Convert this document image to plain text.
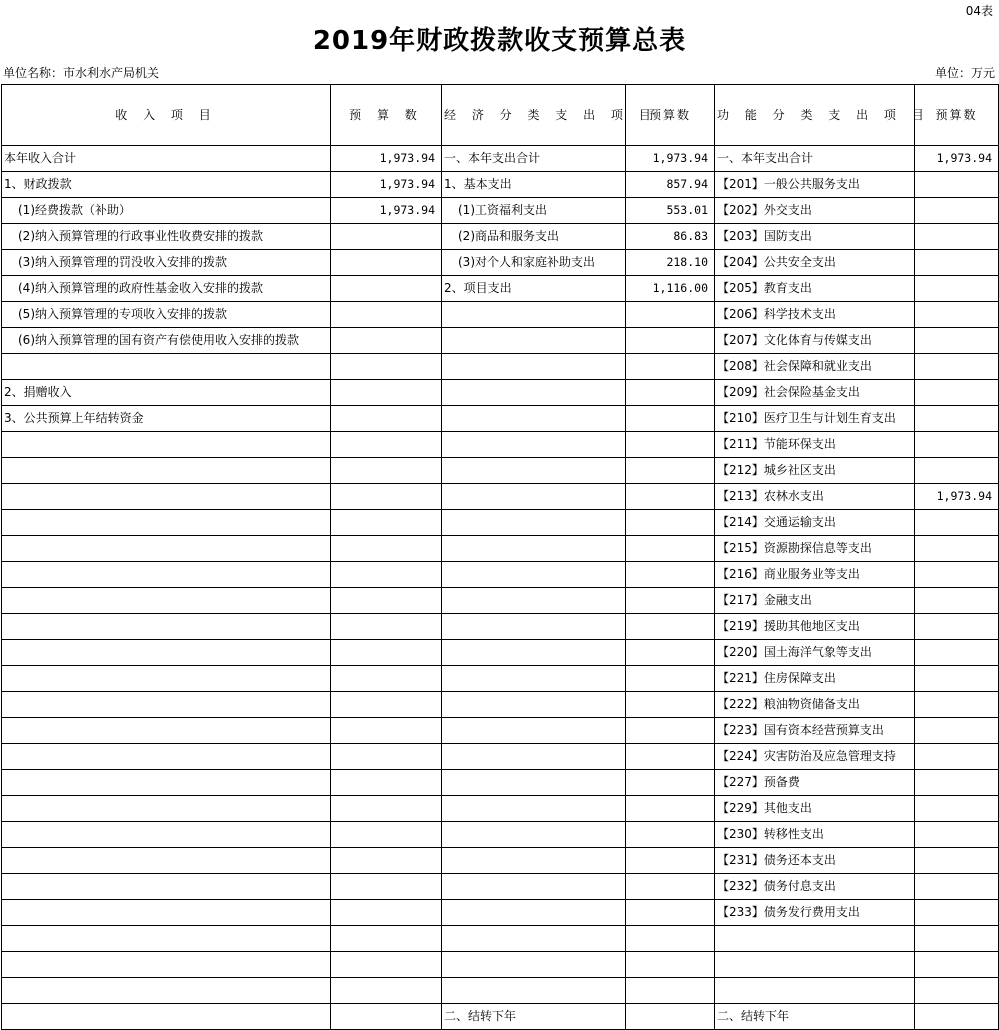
04表
2019年财政拨款收支预算总表
单位名称：市水利水产局机关	单位：万元
收 入 项 目	预 算 数	经 济 分 类 支 出 项 目	预算数	功 能 分 类 支 出 项 目	预算数
本年收入合计	1,973.94	一、本年支出合计	1,973.94	一、本年支出合计	1,973.94
1、财政拨款	1,973.94	1、基本支出	857.94	【201】一般公共服务支出	
(1)经费拨款（补助）	1,973.94	(1)工资福利支出	553.01	【202】外交支出	
(2)纳入预算管理的行政事业性收费安排的拨款		(2)商品和服务支出	86.83	【203】国防支出	
(3)纳入预算管理的罚没收入安排的拨款		(3)对个人和家庭补助支出	218.10	【204】公共安全支出	
(4)纳入预算管理的政府性基金收入安排的拨款		2、项目支出	1,116.00	【205】教育支出	
(5)纳入预算管理的专项收入安排的拨款				【206】科学技术支出	
(6)纳入预算管理的国有资产有偿使用收入安排的拨款				【207】文化体育与传媒支出	
				【208】社会保障和就业支出	
2、捐赠收入				【209】社会保险基金支出	
3、公共预算上年结转资金				【210】医疗卫生与计划生育支出	
				【211】节能环保支出	
				【212】城乡社区支出	
				【213】农林水支出	1,973.94
				【214】交通运输支出	
				【215】资源勘探信息等支出	
				【216】商业服务业等支出	
				【217】金融支出	
				【219】援助其他地区支出	
				【220】国土海洋气象等支出	
				【221】住房保障支出	
				【222】粮油物资储备支出	
				【223】国有资本经营预算支出	
				【224】灾害防治及应急管理支持	
				【227】预备费	
				【229】其他支出	
				【230】转移性支出	
				【231】债务还本支出	
				【232】债务付息支出	
				【233】债务发行费用支出	

		二、结转下年		二、结转下年	
